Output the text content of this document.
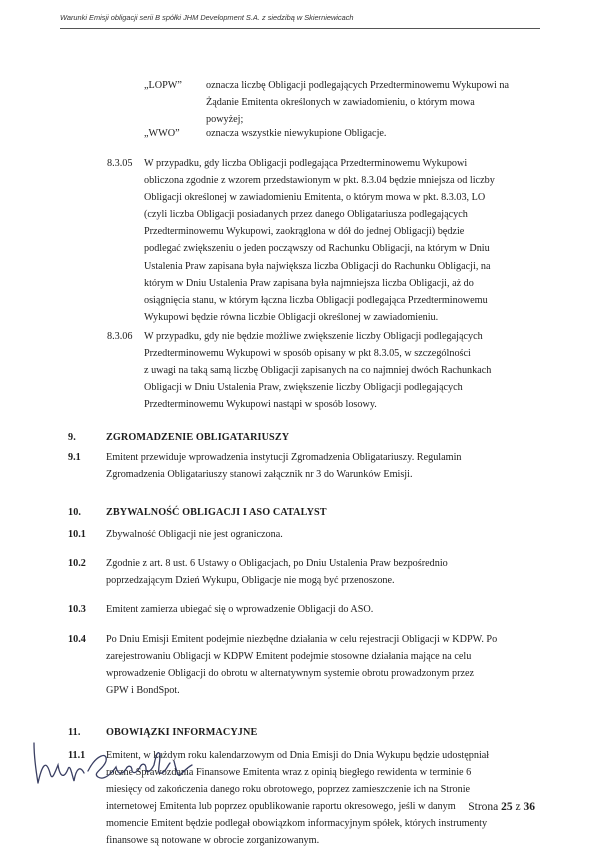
Warunki Emisji obligacji serii B spółki JHM Development S.A. z siedzibą w Skierniewicach
„LOPW” oznacza liczbę Obligacji podlegających Przedterminowemu Wykupowi na
Żądanie Emitenta określonych w zawiadomieniu, o którym mowa
powyżej;
„WWO”	oznacza wszystkie niewykupione Obligacje.
8.3.05 W przypadku, gdy liczba Obligacji podlegająca Przedterminowemu Wykupowi
obliczona zgodnie z wzorem przedstawionym w pkt. 8.3.04 będzie mniejsza od liczby
Obligacji określonej w zawiadomieniu Emitenta, o którym mowa w pkt. 8.3.03, LO
(czyli liczba Obligacji posiadanych przez danego Obligatariusza podlegających
Przedterminowemu Wykupowi, zaokrąglona w dół do jednej Obligacji) będzie
podlegać zwiększeniu o jeden począwszy od Rachunku Obligacji, na którym w Dniu
Ustalenia Praw zapisana była największa liczba Obligacji do Rachunku Obligacji, na
którym w Dniu Ustalenia Praw zapisana była najmniejsza liczba Obligacji, aż do
osiągnięcia stanu, w którym łączna liczba Obligacji podlegająca Przedterminowemu
Wykupowi będzie równa liczbie Obligacji określonej w zawiadomieniu.
8.3.06 W przypadku, gdy nie będzie możliwe zwiększenie liczby Obligacji podlegających
Przedterminowemu Wykupowi w sposób opisany w pkt 8.3.05, w szczególności
z uwagi na taką samą liczbę Obligacji zapisanych na co najmniej dwóch Rachunkach
Obligacji w Dniu Ustalenia Praw, zwiększenie liczby Obligacji podlegających
Przedterminowemu Wykupowi nastąpi w sposób losowy.
9.	ZGROMADZENIE OBLIGATARIUSZY
9.1 Emitent przewiduje wprowadzenia instytucji Zgromadzenia Obligatariuszy. Regulamin
Zgromadzenia Obligatariuszy stanowi załącznik nr 3 do Warunków Emisji.
10. ZBYWALNOŚĆ OBLIGACJI I ASO CATALYST
10.1 Zbywalność Obligacji nie jest ograniczona.
10.2 Zgodnie z art. 8 ust. 6 Ustawy o Obligacjach, po Dniu Ustalenia Praw bezpośrednio
poprzedzającym Dzień Wykupu, Obligacje nie mogą być przenoszone.
10.3 Emitent zamierza ubiegać się o wprowadzenie Obligacji do ASO.
10.4 Po Dniu Emisji Emitent podejmie niezbędne działania w celu rejestracji Obligacji w KDPW. Po
zarejestrowaniu Obligacji w KDPW Emitent podejmie stosowne działania mające na celu
wprowadzenie Obligacji do obrotu w alternatywnym systemie obrotu prowadzonym przez
GPW i BondSpot.
11.	OBOWIĄZKI INFORMACYJNE
11.1 Emitent, w każdym roku kalendarzowym od Dnia Emisji do Dnia Wykupu będzie udostępniał
roczne Sprawozdania Finansowe Emitenta wraz z opinią biegłego rewidenta w terminie 6
miesięcy od zakończenia danego roku obrotowego, poprzez zamieszczenie ich na Stronie
internetowej Emitenta lub poprzez opublikowanie raportu okresowego, jeśli w danym
momencie Emitent będzie podlegał obowiązkom informacyjnym spółek, których instrumenty
finansowe są notowane w obrocie zorganizowanym.
Strona 25 z 36
